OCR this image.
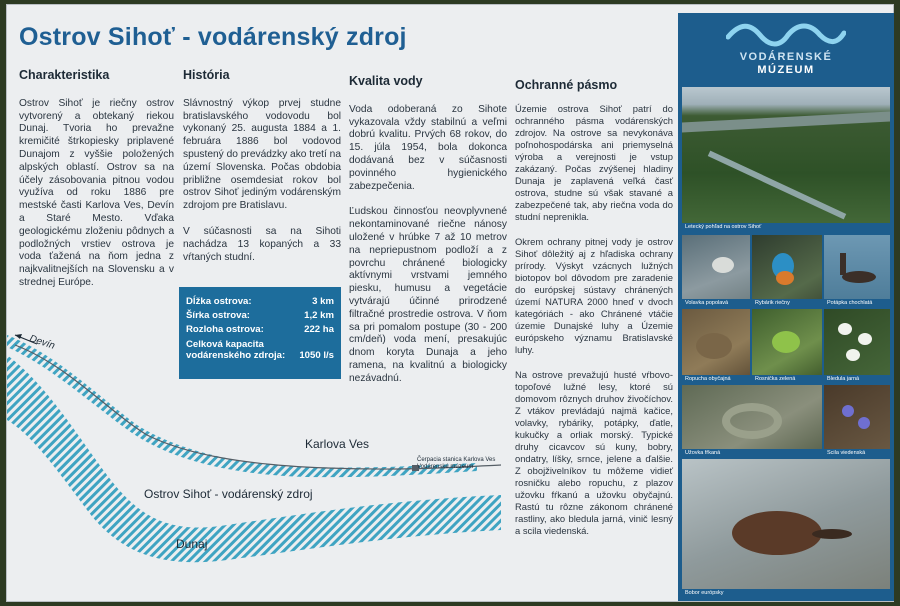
Ostrov Sihoť - vodárenský zdroj
Charakteristika

Ostrov Sihoť je riečny ostrov vytvorený a obtekaný riekou Dunaj. Tvoria ho prevažne kremičité štrkopiesky priplavené Dunajom z vyššie položených alpských oblastí. Ostrov sa na účely zásobovania pitnou vodou využíva od roku 1886 pre mestské časti Karlova Ves, Devín a Staré Mesto. Vďaka geologickému zloženiu pôdnych a podložných vrstiev ostrova je voda ťažená na ňom jedna z najkvalitnejších na Slovensku a v strednej Európe.

História

Slávnostný výkop prvej studne bratislavského vodovodu bol vykonaný 25. augusta 1884 a 1. februára 1886 bol vodovod spustený do prevádzky ako tretí na území Slovenska. Počas obdobia približne osemdesiat rokov bol ostrov Sihoť jediným vodárenským zdrojom pre Bratislavu.

V súčasnosti sa na Sihoti nachádza 13 kopaných a 33 vŕtaných studní.

Kvalita vody

Voda odoberaná zo Sihote vykazovala vždy stabilnú a veľmi dobrú kvalitu. Prvých 68 rokov, do 15. júla 1954, bola dokonca dodávaná bez v súčasnosti povinného hygienického zabezpečenia.

Ľudskou činnosťou neovplyvnené nekontaminované riečne nánosy uložené v hrúbke 7 až 10 metrov na nepriepustnom podloží a z povrchu chránené biologicky aktívnymi vrstvami jemného piesku, humusu a vegetácie vytvárajú účinné prirodzené filtračné prostredie ostrova. V ňom sa pri pomalom postupe (30 - 200 cm/deň) voda mení, presakujúc dnom koryta Dunaja a jeho ramena, na kvalitnú a biologicky nezávadnú.

Ochranné pásmo

Územie ostrova Sihoť patrí do ochranného pásma vodárenských zdrojov. Na ostrove sa nevykonáva poľnohospodárska ani priemyselná výroba a verejnosti je vstup zakázaný. Počas zvýšenej hladiny Dunaja je zaplavená veľká časť ostrova, studne sú však stavané a zabezpečené tak, aby riečna voda do studní neprenikla.

Okrem ochrany pitnej vody je ostrov Sihoť dôležitý aj z hľadiska ochrany prírody. Výskyt vzácnych lužných biotopov bol dôvodom pre zaradenie do európskej sústavy chránených území NATURA 2000 hneď v dvoch kategóriách - ako Chránené vtáčie územie Dunajské luhy a Územie európskeho významu Bratislavské luhy.

Na ostrove prevažujú husté vŕbovo-topoľové lužné lesy, ktoré sú domovom rôznych druhov živočíchov. Z vtákov prevládajú najmä kačice, volavky, rybáriky, potápky, ďatle, kukučky a orliak morský. Typické druhy cicavcov sú kuny, bobry, ondatry, líšky, srnce, jelene a ďalšie. Z obojživelníkov tu môžeme vidieť rosničku alebo ropuchu, z plazov užovku fŕkanú a užovku obyčajnú. Rastú tu rôzne zákonom chránené rastliny, ako bledula jarná, vinič lesný a scila viedenská.

Dĺžka ostrova:	3 km
Šírka ostrova:	1,2 km
Rozloha ostrova:	222 ha
Celková kapacita vodárenského zdroja:	1050 l/s
Devín
Karlova Ves
Ostrov Sihoť - vodárenský zdroj
Dunaj
Čerpacia stanica Karlova Ves Vodárenské múzeum
VODÁRENSKÉ
MÚZEUM
Letecký pohľad na ostrov Sihoť
Volavka popolavá	Rybárik riečny	Potápka chochlatá
Ropucha obyčajná	Rosnička zelená	Bledula jarná
Užovka fŕkaná	Scila viedenská
Bobor európsky
